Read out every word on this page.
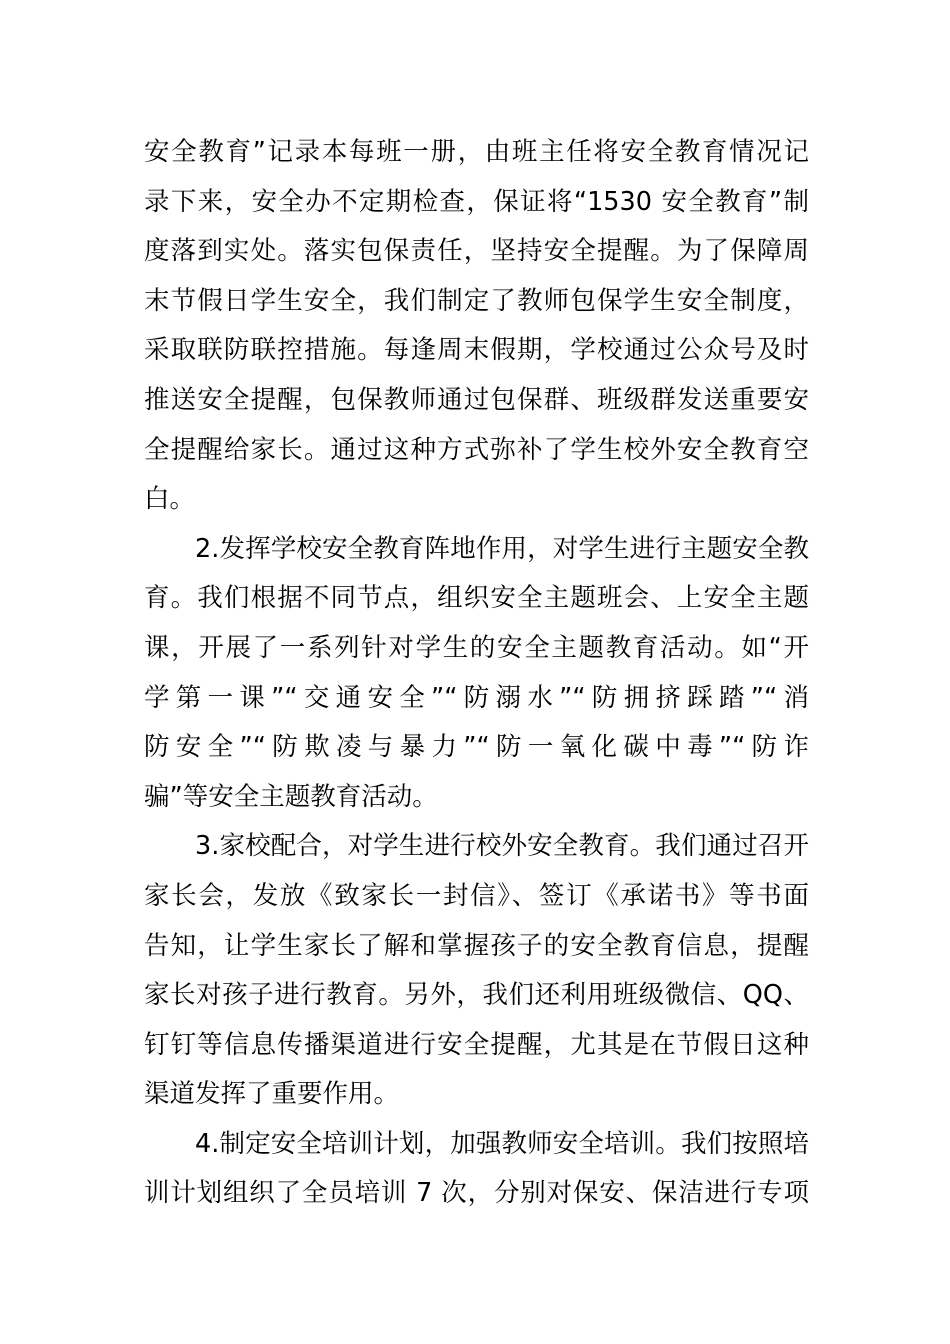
安全教育”记录本每班一册，由班主任将安全教育情况记
录下来，安全办不定期检查，保证将“1530 安全教育”制
度落到实处。落实包保责任，坚持安全提醒。为了保障周
末节假日学生安全，我们制定了教师包保学生安全制度，
采取联防联控措施。每逢周末假期，学校通过公众号及时
推送安全提醒，包保教师通过包保群、班级群发送重要安
全提醒给家长。通过这种方式弥补了学生校外安全教育空
白。
2.发挥学校安全教育阵地作用，对学生进行主题安全教
育。我们根据不同节点，组织安全主题班会、上安全主题
课，开展了一系列针对学生的安全主题教育活动。如“开
学第一课”“交通安全”“防溺水”“防拥挤踩踏”“消
防安全”“防欺凌与暴力”“防一氧化碳中毒”“防诈
骗”等安全主题教育活动。
3.家校配合，对学生进行校外安全教育。我们通过召开
家长会，发放《致家长一封信》、签订《承诺书》等书面
告知，让学生家长了解和掌握孩子的安全教育信息，提醒
家长对孩子进行教育。另外，我们还利用班级微信、QQ、
钉钉等信息传播渠道进行安全提醒，尤其是在节假日这种
渠道发挥了重要作用。
4.制定安全培训计划，加强教师安全培训。我们按照培
训计划组织了全员培训 7 次，分别对保安、保洁进行专项
